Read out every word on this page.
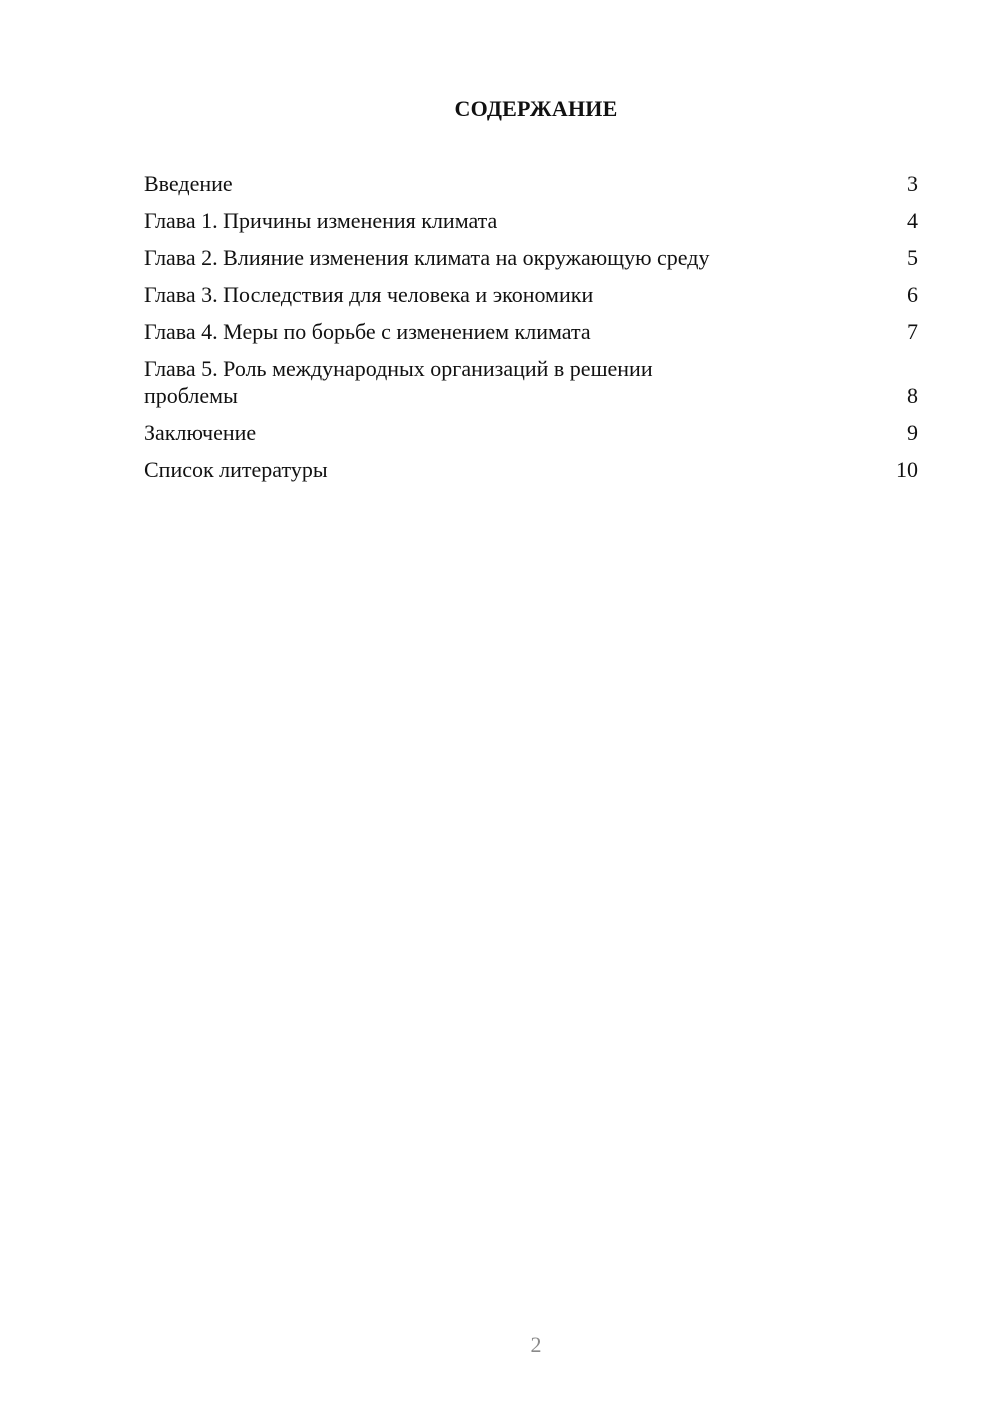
СОДЕРЖАНИЕ
Введение	3
Глава 1. Причины изменения климата	4
Глава 2. Влияние изменения климата на окружающую среду	5
Глава 3. Последствия для человека и экономики	6
Глава 4. Меры по борьбе с изменением климата	7
Глава 5. Роль международных организаций в решении проблемы	8
Заключение	9
Список литературы	10
2
